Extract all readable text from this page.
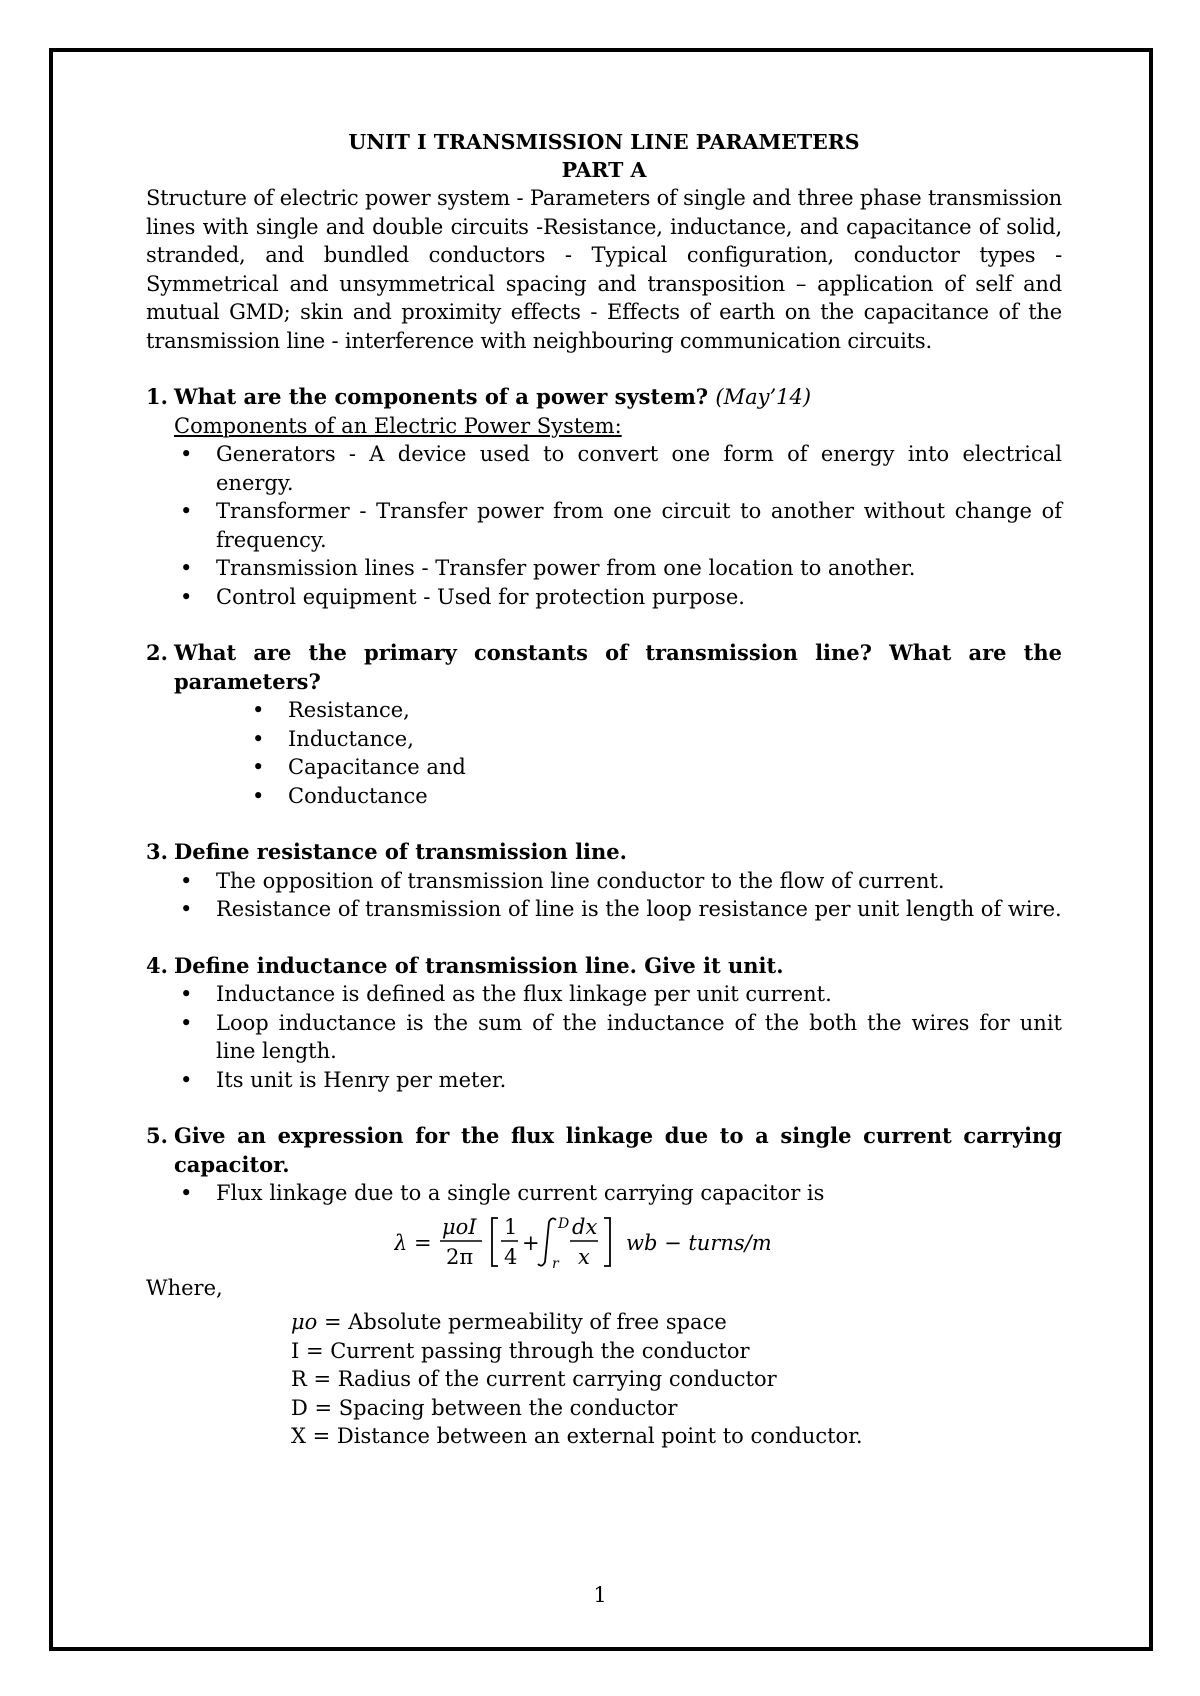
UNIT I TRANSMISSION LINE PARAMETERS
PART A

Structure of electric power system - Parameters of single and three phase transmission lines with single and double circuits -Resistance, inductance, and capacitance of solid, stranded, and bundled conductors - Typical configuration, conductor types - Symmetrical and unsymmetrical spacing and transposition – application of self and mutual GMD; skin and proximity effects - Effects of earth on the capacitance of the transmission line - interference with neighbouring communication circuits.

1. What are the components of a power system? (May’14)
Components of an Electric Power System:
• Generators - A device used to convert one form of energy into electrical energy.
• Transformer - Transfer power from one circuit to another without change of frequency.
• Transmission lines - Transfer power from one location to another.
• Control equipment - Used for protection purpose.
2. What are the primary constants of transmission line? What are the parameters?
• Resistance,
• Inductance,
• Capacitance and
• Conductance
3. Define resistance of transmission line.
• The opposition of transmission line conductor to the flow of current.
• Resistance of transmission of line is the loop resistance per unit length of wire.
4. Define inductance of transmission line. Give it unit.
• Inductance is defined as the flux linkage per unit current.
• Loop inductance is the sum of the inductance of the both the wires for unit line length.
• Its unit is Henry per meter.
5. Give an expression for the flux linkage due to a single current carrying capacitor.
• Flux linkage due to a single current carrying capacitor is
λ =
μoI
2π
1
4
+
D
r
dx
x
wb − turns/m
Where,
μo = Absolute permeability of free space
I = Current passing through the conductor
R = Radius of the current carrying conductor
D = Spacing between the conductor
X = Distance between an external point to conductor.
1
